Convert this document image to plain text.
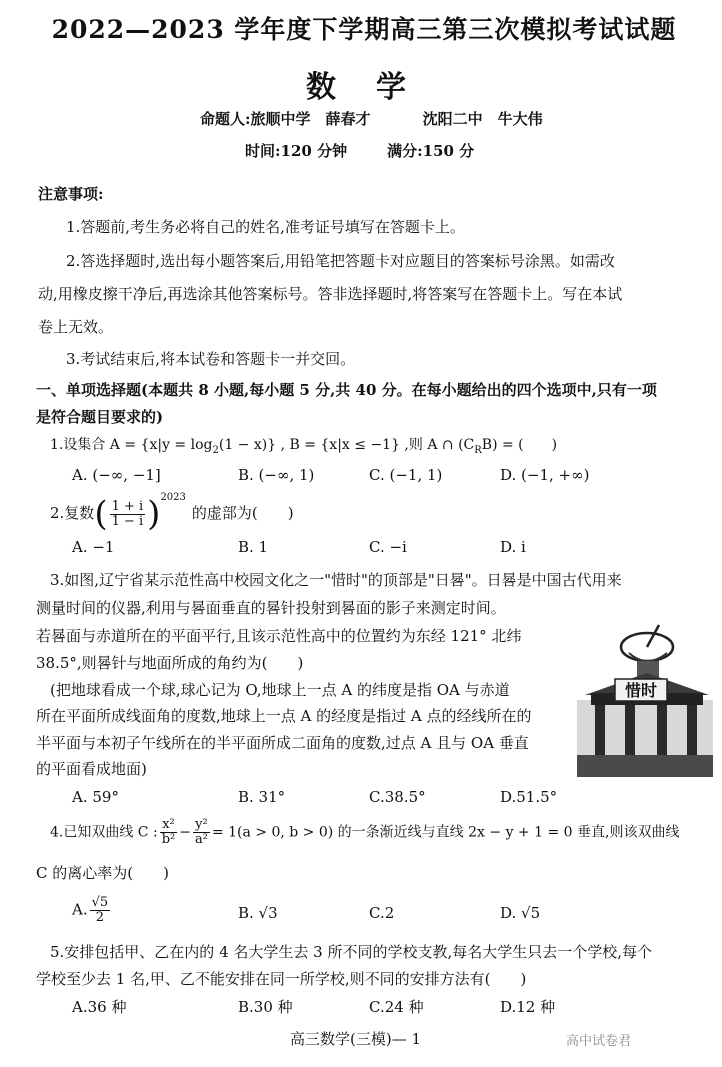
2022—2023 学年度下学期高三第三次模拟考试试题
数学
命题人:旅顺中学　薛春才	沈阳二中　牛大伟
时间:120 分钟	满分:150 分
注意事项:
1.答题前,考生务必将自己的姓名,准考证号填写在答题卡上。
2.答选择题时,选出每小题答案后,用铅笔把答题卡对应题目的答案标号涂黑。如需改
动,用橡皮擦干净后,再选涂其他答案标号。答非选择题时,将答案写在答题卡上。写在本试
卷上无效。
3.考试结束后,将本试卷和答题卡一并交回。
一、单项选择题(本题共 8 小题,每小题 5 分,共 40 分。在每小题给出的四个选项中,只有一项
是符合题目要求的)
1.设集合 $A = \{x|y = \log_2(1 - x)\}$ , B = {x|x ≤ −1} ,则 A ∩ $(C_RB)$ = (　　)
A. (−∞, −1]	B. (−∞, 1)	C. (−1, 1)	D. (−1, +∞)
2.复数( $\frac{1 + i}{1 - i} )^{2023}$的虚部为(　　)
A. −1	B. 1	C. −i	D. i
3.如图,辽宁省某示范性高中校园文化之一"惜时"的顶部是"日晷"。日晷是中国古代用来
测量时间的仪器,利用与晷面垂直的晷针投射到晷面的影子来测定时间。
若晷面与赤道所在的平面平行,且该示范性高中的位置约为东经 121° 北纬
38.5°,则晷针与地面所成的角约为(　　)
(把地球看成一个球,球心记为 O,地球上一点 A 的纬度是指 OA 与赤道
所在平面所成线面角的度数,地球上一点 A 的经度是指过 A 点的经线所在的
半平面与本初子午线所在的半平面所成二面角的度数,过点 A 且与 OA 垂直
的平面看成地面)
惜时
A. 59°	B. 31°	C.38.5°	D.51.5°
4.已知双曲线 C : $\frac{\text{x²}}{\text{b²}} - \frac{\text{y²}}{\text{a²}} = 1(a > 0$, b > 0) 的一条渐近线与直线 2x − y + 1 = 0 垂直,则该双曲线
C 的离心率为(　　)
A. $\frac{√5}{2}$	B. √3	C.2	D. √5
5.安排包括甲、乙在内的 4 名大学生去 3 所不同的学校支教,每名大学生只去一个学校,每个
学校至少去 1 名,甲、乙不能安排在同一所学校,则不同的安排方法有(　　)
A.36 种	B.30 种	C.24 种	D.12 种
高三数学(三模)— 1	高中试卷君
